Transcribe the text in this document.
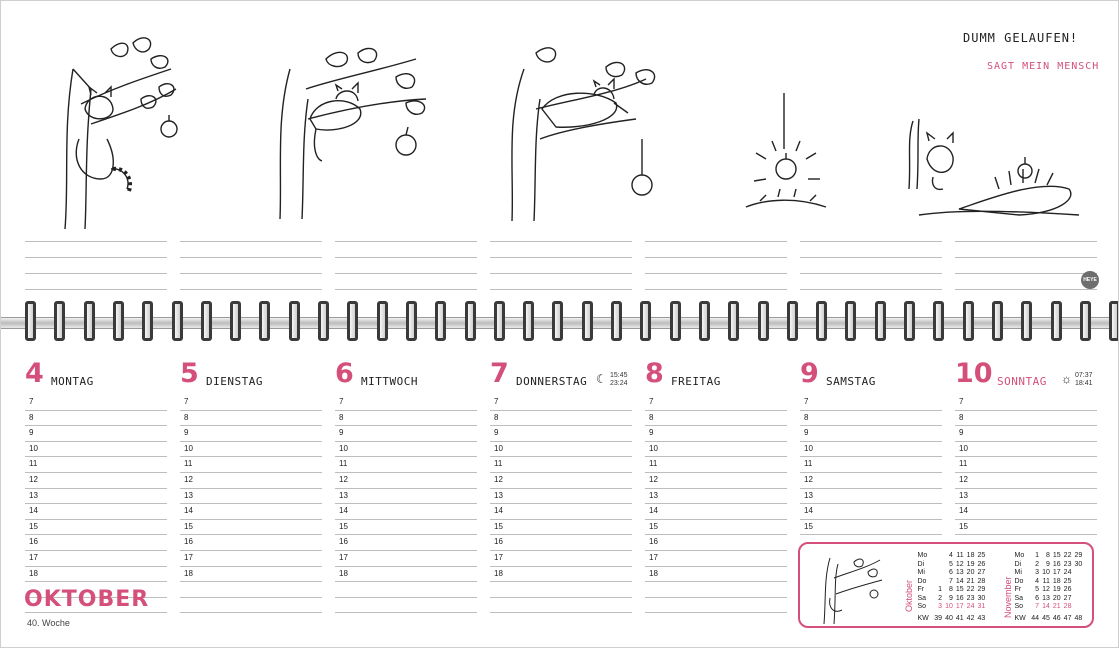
DUMM GELAUFEN!
SAGT MEIN MENSCH
HEYE
4 MONTAG
7
8
9
10
11
12
13
14
15
16
17
18
5 DIENSTAG
7
8
9
10
11
12
13
14
15
16
17
18
6 MITTWOCH
7
8
9
10
11
12
13
14
15
16
17
18
7 DONNERSTAG ☾ 15:45
23:24
7
8
9
10
11
12
13
14
15
16
17
18
8 FREITAG
7
8
9
10
11
12
13
14
15
16
17
18
9 SAMSTAG
7
8
9
10
11
12
13
14
15
10 SONNTAG ☼ 07:37
18:41
7
8
9
10
11
12
13
14
15
OKTOBER
40. Woche
Oktober
Mo		4	11	18	25
Di		5	12	19	26
Mi		6	13	20	27
Do		7	14	21	28
Fr	1	8	15	22	29
Sa	2	9	16	23	30
So	3	10	17	24	31
KW	39	40	41	42	43 November
Mo	1	8	15	22	29
Di	2	9	16	23	30
Mi	3	10	17	24	
Do	4	11	18	25	
Fr	5	12	19	26	
Sa	6	13	20	27	
So	7	14	21	28	
KW	44	45	46	47	48
